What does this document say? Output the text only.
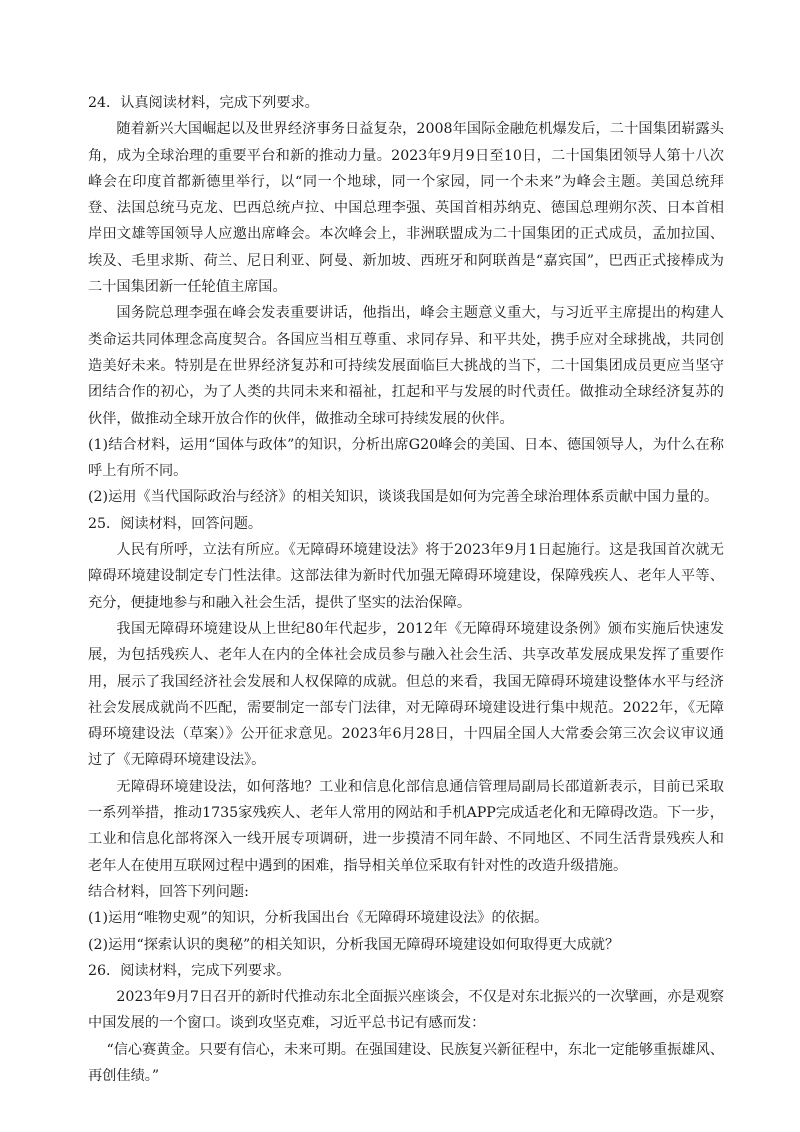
24．认真阅读材料，完成下列要求。

随着新兴大国崛起以及世界经济事务日益复杂，2008年国际金融危机爆发后，二十国集团崭露头角，成为全球治理的重要平台和新的推动力量。2023年9月9日至10日，二十国集团领导人第十八次峰会在印度首都新德里举行，以“同一个地球，同一个家园，同一个未来”为峰会主题。美国总统拜登、法国总统马克龙、巴西总统卢拉、中国总理李强、英国首相苏纳克、德国总理朔尔茨、日本首相岸田文雄等国领导人应邀出席峰会。本次峰会上，非洲联盟成为二十国集团的正式成员，孟加拉国、埃及、毛里求斯、荷兰、尼日利亚、阿曼、新加坡、西班牙和阿联酋是“嘉宾国”，巴西正式接棒成为二十国集团新一任轮值主席国。

国务院总理李强在峰会发表重要讲话，他指出，峰会主题意义重大，与习近平主席提出的构建人类命运共同体理念高度契合。各国应当相互尊重、求同存异、和平共处，携手应对全球挑战，共同创造美好未来。特别是在世界经济复苏和可持续发展面临巨大挑战的当下，二十国集团成员更应当坚守团结合作的初心，为了人类的共同未来和福祉，扛起和平与发展的时代责任。做推动全球经济复苏的伙伴，做推动全球开放合作的伙伴，做推动全球可持续发展的伙伴。

(1)结合材料，运用“国体与政体”的知识，分析出席G20峰会的美国、日本、德国领导人，为什么在称呼上有所不同。

(2)运用《当代国际政治与经济》的相关知识，谈谈我国是如何为完善全球治理体系贡献中国力量的。

25．阅读材料，回答问题。

人民有所呼，立法有所应。《无障碍环境建设法》将于2023年9月1日起施行。这是我国首次就无障碍环境建设制定专门性法律。这部法律为新时代加强无障碍环境建设，保障残疾人、老年人平等、充分，便捷地参与和融入社会生活，提供了坚实的法治保障。

我国无障碍环境建设从上世纪80年代起步，2012年《无障碍环境建设条例》颁布实施后快速发展，为包括残疾人、老年人在内的全体社会成员参与融入社会生活、共享改革发展成果发挥了重要作用，展示了我国经济社会发展和人权保障的成就。但总的来看，我国无障碍环境建设整体水平与经济社会发展成就尚不匹配，需要制定一部专门法律，对无障碍环境建设进行集中规范。2022年，《无障碍环境建设法（草案）》公开征求意见。2023年6月28日，十四届全国人大常委会第三次会议审议通过了《无障碍环境建设法》。

无障碍环境建设法，如何落地？工业和信息化部信息通信管理局副局长邵道新表示，目前已采取一系列举措，推动1735家残疾人、老年人常用的网站和手机APP完成适老化和无障碍改造。下一步，工业和信息化部将深入一线开展专项调研，进一步摸清不同年龄、不同地区、不同生活背景残疾人和老年人在使用互联网过程中遇到的困难，指导相关单位采取有针对性的改造升级措施。

结合材料，回答下列问题:

(1)运用“唯物史观”的知识，分析我国出台《无障碍环境建设法》的依据。

(2)运用“探索认识的奥秘”的相关知识，分析我国无障碍环境建设如何取得更大成就？

26．阅读材料，完成下列要求。

2023年9月7日召开的新时代推动东北全面振兴座谈会，不仅是对东北振兴的一次擘画，亦是观察中国发展的一个窗口。谈到攻坚克难，习近平总书记有感而发：

“信心赛黄金。只要有信心，未来可期。在强国建设、民族复兴新征程中，东北一定能够重振雄风、再创佳绩。”
